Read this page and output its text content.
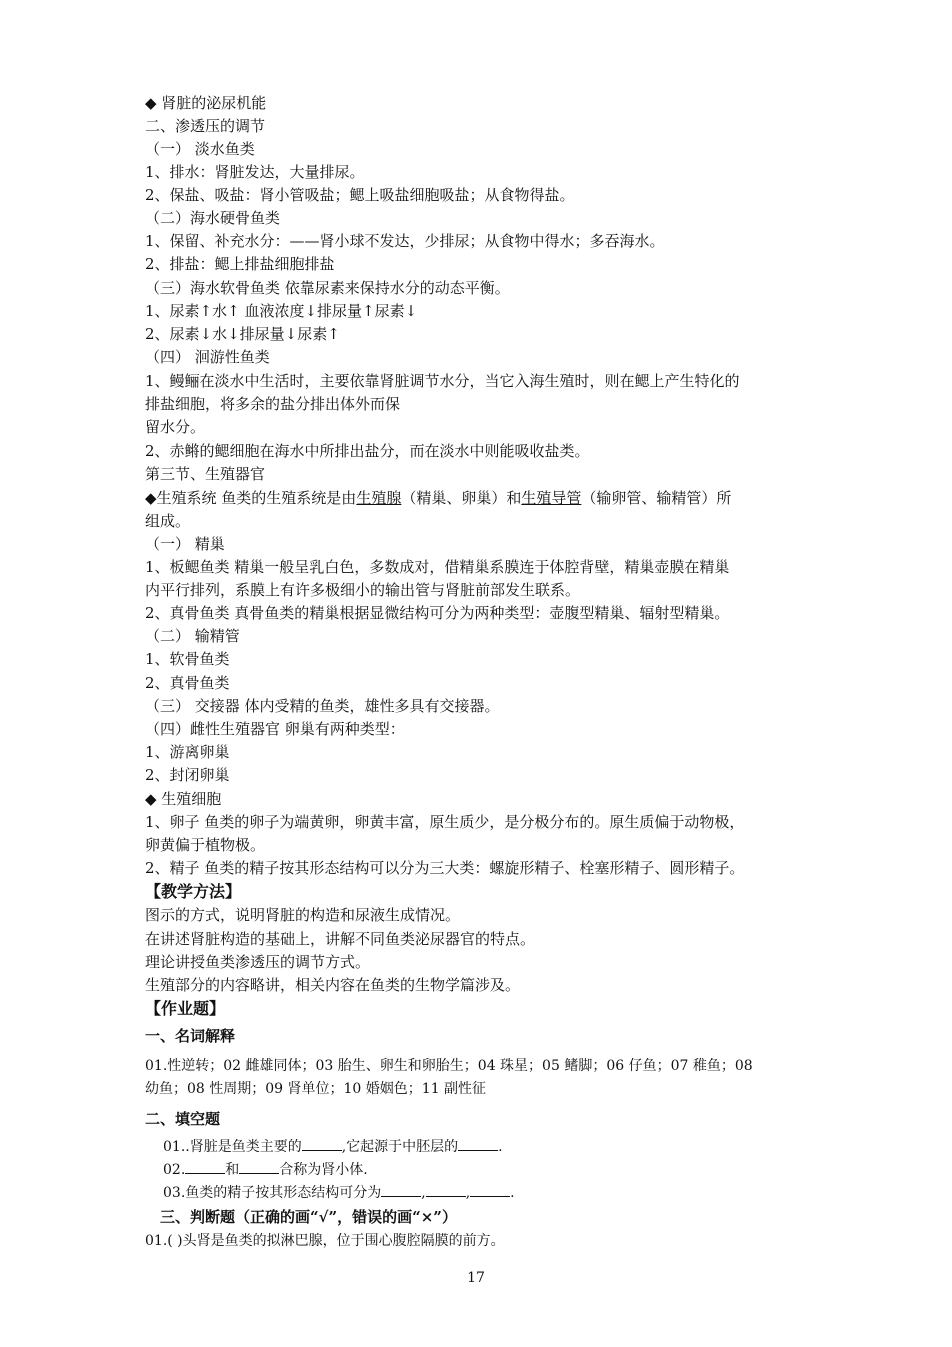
◆ 肾脏的泌尿机能
二、渗透压的调节
（一） 淡水鱼类
1、排水：肾脏发达，大量排尿。
2、保盐、吸盐：肾小管吸盐；鳃上吸盐细胞吸盐；从食物得盐。
（二）海水硬骨鱼类
1、保留、补充水分：——肾小球不发达，少排尿；从食物中得水；多吞海水。
2、排盐：鳃上排盐细胞排盐
（三）海水软骨鱼类 依靠尿素来保持水分的动态平衡。
1、尿素↑水↑ 血液浓度↓排尿量↑尿素↓
2、尿素↓水↓排尿量↓尿素↑
（四） 洄游性鱼类
1、鳗鲡在淡水中生活时，主要依靠肾脏调节水分，当它入海生殖时，则在鳃上产生特化的
排盐细胞，将多余的盐分排出体外而保
留水分。
2、赤鳉的鳃细胞在海水中所排出盐分，而在淡水中则能吸收盐类。
第三节、生殖器官
◆生殖系统 鱼类的生殖系统是由生殖腺（精巢、卵巢）和生殖导管（输卵管、输精管）所
组成。
（一） 精巢
1、板鳃鱼类 精巢一般呈乳白色，多数成对，借精巢系膜连于体腔背壁，精巢壶膜在精巢
内平行排列，系膜上有许多极细小的输出管与肾脏前部发生联系。
2、真骨鱼类 真骨鱼类的精巢根据显微结构可分为两种类型：壶腹型精巢、辐射型精巢。
（二） 输精管
1、软骨鱼类
2、真骨鱼类
（三） 交接器 体内受精的鱼类，雄性多具有交接器。
（四）雌性生殖器官 卵巢有两种类型：
1、游离卵巢
2、封闭卵巢
◆ 生殖细胞
1、卵子 鱼类的卵子为端黄卵，卵黄丰富，原生质少，是分极分布的。原生质偏于动物极，
卵黄偏于植物极。
2、精子 鱼类的精子按其形态结构可以分为三大类：螺旋形精子、栓塞形精子、圆形精子。
【教学方法】
图示的方式，说明肾脏的构造和尿液生成情况。
在讲述肾脏构造的基础上，讲解不同鱼类泌尿器官的特点。
理论讲授鱼类渗透压的调节方式。
生殖部分的内容略讲，相关内容在鱼类的生物学篇涉及。
【作业题】
一、名词解释
01.性逆转；02 雌雄同体；03 胎生、卵生和卵胎生；04 珠星；05 鳍脚；06 仔鱼；07 稚鱼；08
幼鱼；08 性周期；09 肾单位；10 婚姻色；11 副性征
二、填空题
01..肾脏是鱼类主要的	,它起源于中胚层的	.
02.	和	合称为肾小体.
03.鱼类的精子按其形态结构可分为	,	,	.
三、判断题（正确的画“√”，错误的画“×”）
01.( )头肾是鱼类的拟淋巴腺，位于围心腹腔隔膜的前方。
17
